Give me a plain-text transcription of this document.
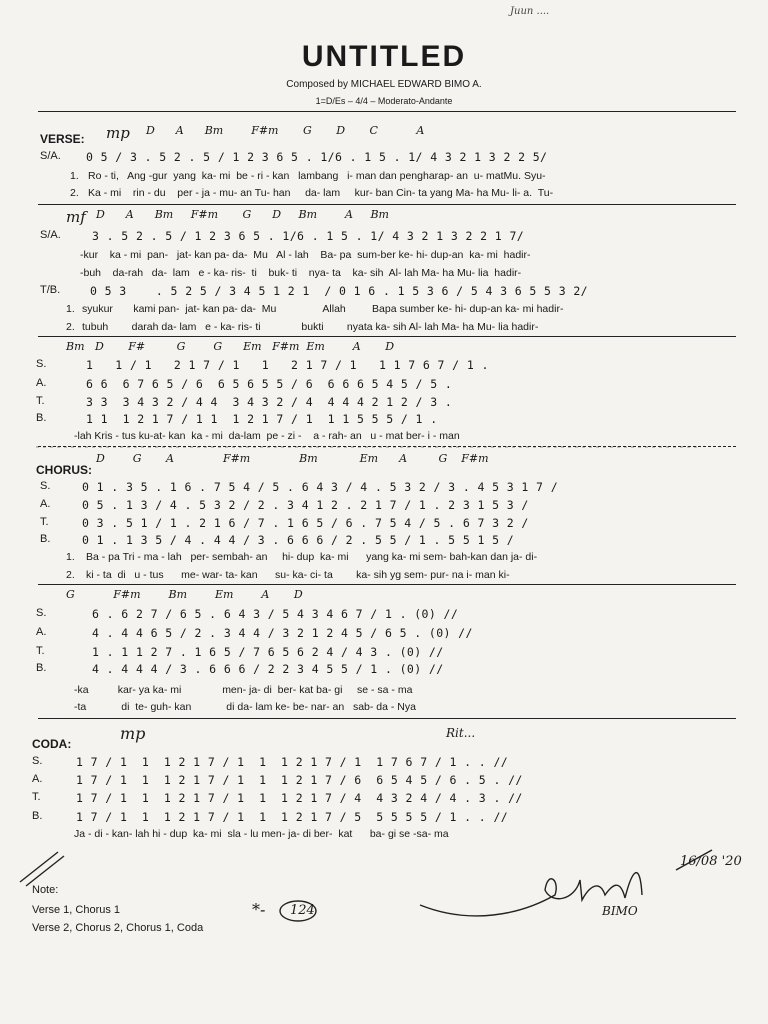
Juun ....
UNTITLED
Composed by MICHAEL EDWARD BIMO A.
1=D/Es – 4/4 – Moderato-Andante
mp D      A      Bm        F#m       G       D       C           A
VERSE:
S/A. 0 5 / 3 . 5 2 . 5 / 1 2 3 6 5 . 1/6 . 1 5 . 1/ 4 3 2 1 3 2 2 5/
1. Ro - ti,   Ang -gur  yang  ka- mi  be - ri - kan   lambang   i- man dan pengharap- an  u- matMu. Syu-
2. Ka - mi    rin - du    per - ja - mu- an Tu- han     da- lam     kur- ban Cin- ta yang Ma- ha Mu- li- a.  Tu-
mf D      A      Bm     F#m       G      D     Bm        A     Bm
S/A.	3 . 5 2 . 5 / 1 2 3 6 5 . 1/6 . 1 5 . 1/ 4 3 2 1 3 2 2 1 7/
-kur    ka - mi  pan-   jat- kan pa- da-  Mu   Al - lah    Ba- pa  sum-ber ke- hi- dup-an  ka- mi  hadir-
-buh    da-rah   da-  lam   e - ka- ris-  ti    buk- ti    nya- ta    ka- sih  Al- lah Ma- ha Mu- lia  hadir-
T/B.	0 5 3    . 5 2 5 / 3 4 5 1 2 1  / 0 1 6 . 1 5 3 6 / 5 4 3 6 5 5 3 2/
1. syukur       kami pan-  jat- kan pa- da-  Mu                Allah         Bapa sumber ke- hi- dup-an ka- mi hadir-
2. tubuh        darah da- lam   e - ka- ris- ti              bukti        nyata ka- sih Al- lah Ma- ha Mu- lia hadir-
Bm   D       F#         G        G      Em   F#m  Em        A       D
S.	1   1 / 1   2 1 7 / 1   1   2 1 7 / 1   1 1 7 6 7 / 1 .
A.	6 6  6 7 6 5 / 6  6 5 6 5 5 / 6  6 6 6 5 4 5 / 5 .
T.	3 3  3 4 3 2 / 4 4  3 4 3 2 / 4  4 4 4 2 1 2 / 3 .
B.	1 1  1 2 1 7 / 1 1  1 2 1 7 / 1  1 1 5 5 5 / 1 .
-lah Kris - tus ku-at- kan  ka - mi  da-lam  pe - zi -    a - rah- an   u - mat ber- i - man
D        G       A              F#m              Bm            Em      A         G    F#m
CHORUS:
S.	0 1 . 3 5 . 1 6 . 7 5 4 / 5 . 6 4 3 / 4 . 5 3 2 / 3 . 4 5 3 1 7 /
A.	0 5 . 1 3 / 4 . 5 3 2 / 2 . 3 4 1 2 . 2 1 7 / 1 . 2 3 1 5 3 /
T.	0 3 . 5 1 / 1 . 2 1 6 / 7 . 1 6 5 / 6 . 7 5 4 / 5 . 6 7 3 2 /
B.	0 1 . 1 3 5 / 4 . 4 4 / 3 . 6 6 6 / 2 . 5 5 / 1 . 5 5 1 5 /
1. Ba - pa Tri - ma - lah   per- sembah- an     hi- dup  ka- mi      yang ka- mi sem- bah-kan dan ja- di-
2. ki - ta  di   u - tus      me- war- ta- kan      su- ka- ci- ta        ka- sih yg sem- pur- na i- man ki-
G           F#m        Bm        Em        A       D
S.	6 . 6 2 7 / 6 5 . 6 4 3 / 5 4 3 4 6 7 / 1 . (0) //
A.	4 . 4 4 6 5 / 2 . 3 4 4 / 3 2 1 2 4 5 / 6 5 . (0) //
T.	1 . 1 1 2 7 . 1 6 5 / 7 6 5 6 2 4 / 4 3 . (0) //
B.	4 . 4 4 4 / 3 . 6 6 6 / 2 2 3 4 5 5 / 1 . (0) //
-ka          kar- ya ka- mi              men- ja- di  ber- kat ba- gi     se - sa - ma
-ta            di  te- guh- kan            di da- lam ke- be- nar- an   sab- da - Nya
mp	Rit...
CODA:
S.	1 7 / 1  1  1 2 1 7 / 1  1  1 2 1 7 / 1  1 7 6 7 / 1 . . //
A.	1 7 / 1  1  1 2 1 7 / 1  1  1 2 1 7 / 6  6 5 4 5 / 6 . 5 . //
T.	1 7 / 1  1  1 2 1 7 / 1  1  1 2 1 7 / 4  4 3 2 4 / 4 . 3 . //
B.	1 7 / 1  1  1 2 1 7 / 1  1  1 2 1 7 / 5  5 5 5 5 / 1 . . //
Ja - di - kan- lah hi - dup  ka- mi  sla - lu men- ja- di ber-  kat      ba- gi se -sa- ma
Note:
Verse 1, Chorus 1
Verse 2, Chorus 2, Chorus 1, Coda
*- 124
16/08 '20
BIMO
